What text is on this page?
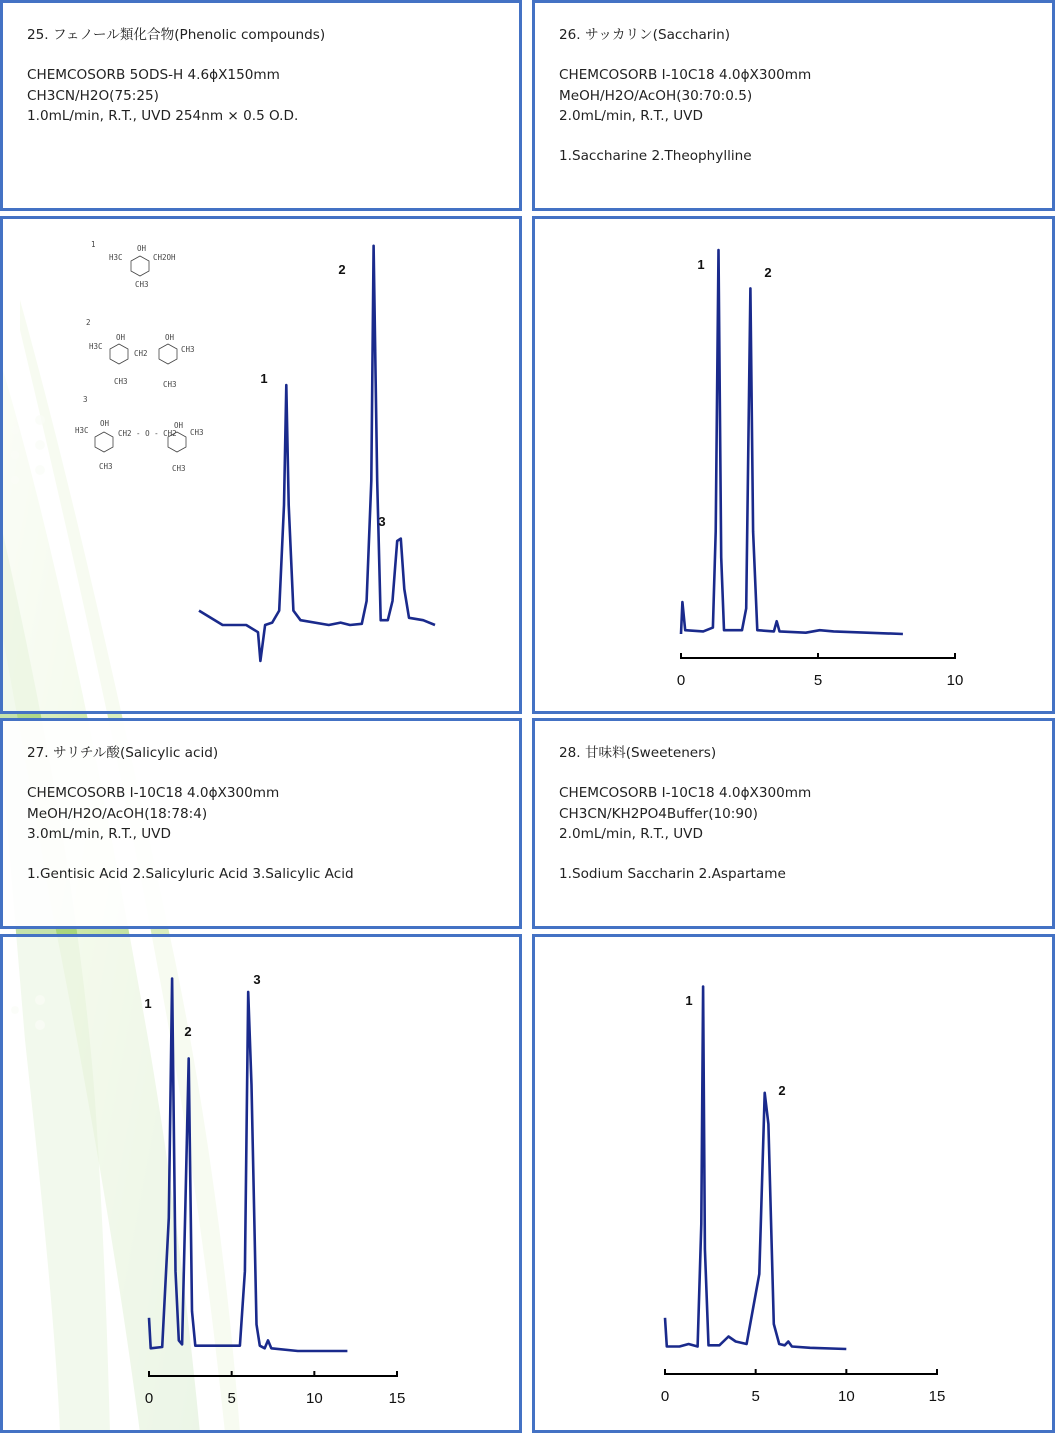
25. フェノール類化合物(Phenolic compounds)
CHEMCOSORB 5ODS-H 4.6ϕX150mm
CH3CN/H2O(75:25)
1.0mL/min, R.T., UVD 254nm × 0.5 O.D.
26. サッカリン(Saccharin)
CHEMCOSORB I-10C18 4.0ϕX300mm
MeOH/H2O/AcOH(30:70:0.5)
2.0mL/min, R.T., UVD
1.Saccharine 2.Theophylline
1
H3C
OH
CH2OH
CH3
2
H3C
OH
CH2
OH
CH3
CH3	CH3
3
H3C
OH
CH2 - O - CH2
OH
CH3
CH3	CH3
1
2
3
0	5	10
1
2
27. サリチル酸(Salicylic acid)
CHEMCOSORB I-10C18 4.0ϕX300mm
MeOH/H2O/AcOH(18:78:4)
3.0mL/min, R.T., UVD
1.Gentisic Acid 2.Salicyluric Acid 3.Salicylic Acid
28. 甘味料(Sweeteners)
CHEMCOSORB I-10C18 4.0ϕX300mm
CH3CN/KH2PO4Buffer(10:90)
2.0mL/min, R.T., UVD
1.Sodium Saccharin 2.Aspartame
0	5	10	15
1
2
3
0	5	10	15
1
2
